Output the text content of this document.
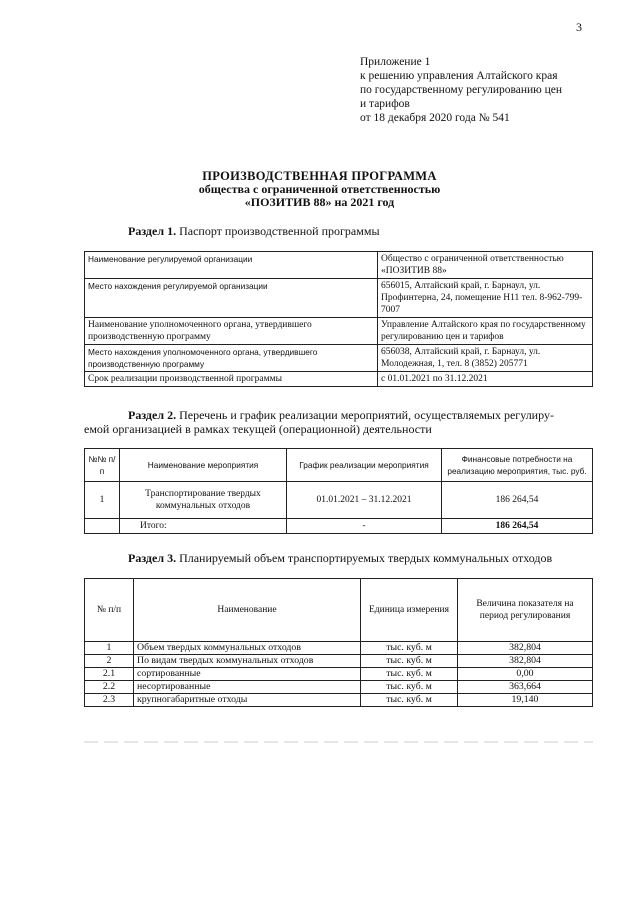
3
Приложение 1
к решению управления Алтайского края
по государственному регулированию цен
и тарифов
от 18 декабря 2020 года № 541
ПРОИЗВОДСТВЕННАЯ ПРОГРАММА
общества с ограниченной ответственностью
«ПОЗИТИВ 88» на 2021 год
Раздел 1. Паспорт производственной программы
Наименование регулируемой организации	Общество с ограниченной ответственностью «ПОЗИТИВ 88»
Место нахождения регулируемой организации	656015, Алтайский край, г. Барнаул, ул. Профинтерна, 24, помещение Н11 тел. 8-962-799-7007
Наименование уполномоченного органа, утвердившего производственную программу	Управление Алтайского края по государственному регулированию цен и тарифов
Место нахождения уполномоченного органа, утвердившего производственную программу	656038, Алтайский край, г. Барнаул, ул. Молодежная, 1, тел. 8 (3852) 205771
Срок реализации производственной программы	с 01.01.2021 по 31.12.2021
Раздел 2. Перечень и график реализации мероприятий, осуществляемых регулиру-
емой организацией в рамках текущей (операционной) деятельности
№№ п/п	Наименование мероприятия	График реализации мероприятия	Финансовые потребности на реализацию мероприятия, тыс. руб.
1	Транспортирование твердых коммунальных отходов	01.01.2021 – 31.12.2021	186 264,54
	Итого:	-	186 264,54
Раздел 3. Планируемый объем транспортируемых твердых коммунальных отходов
№ п/п	Наименование	Единица измерения	Величина показателя на период регулирования
1	Объем твердых коммунальных отходов	тыс. куб. м	382,804
2	По видам твердых коммунальных отходов	тыс. куб. м	382,804
2.1	сортированные	тыс. куб. м	0,00
2.2	несортированные	тыс. куб. м	363,664
2.3	крупногабаритные отходы	тыс. куб. м	19,140
